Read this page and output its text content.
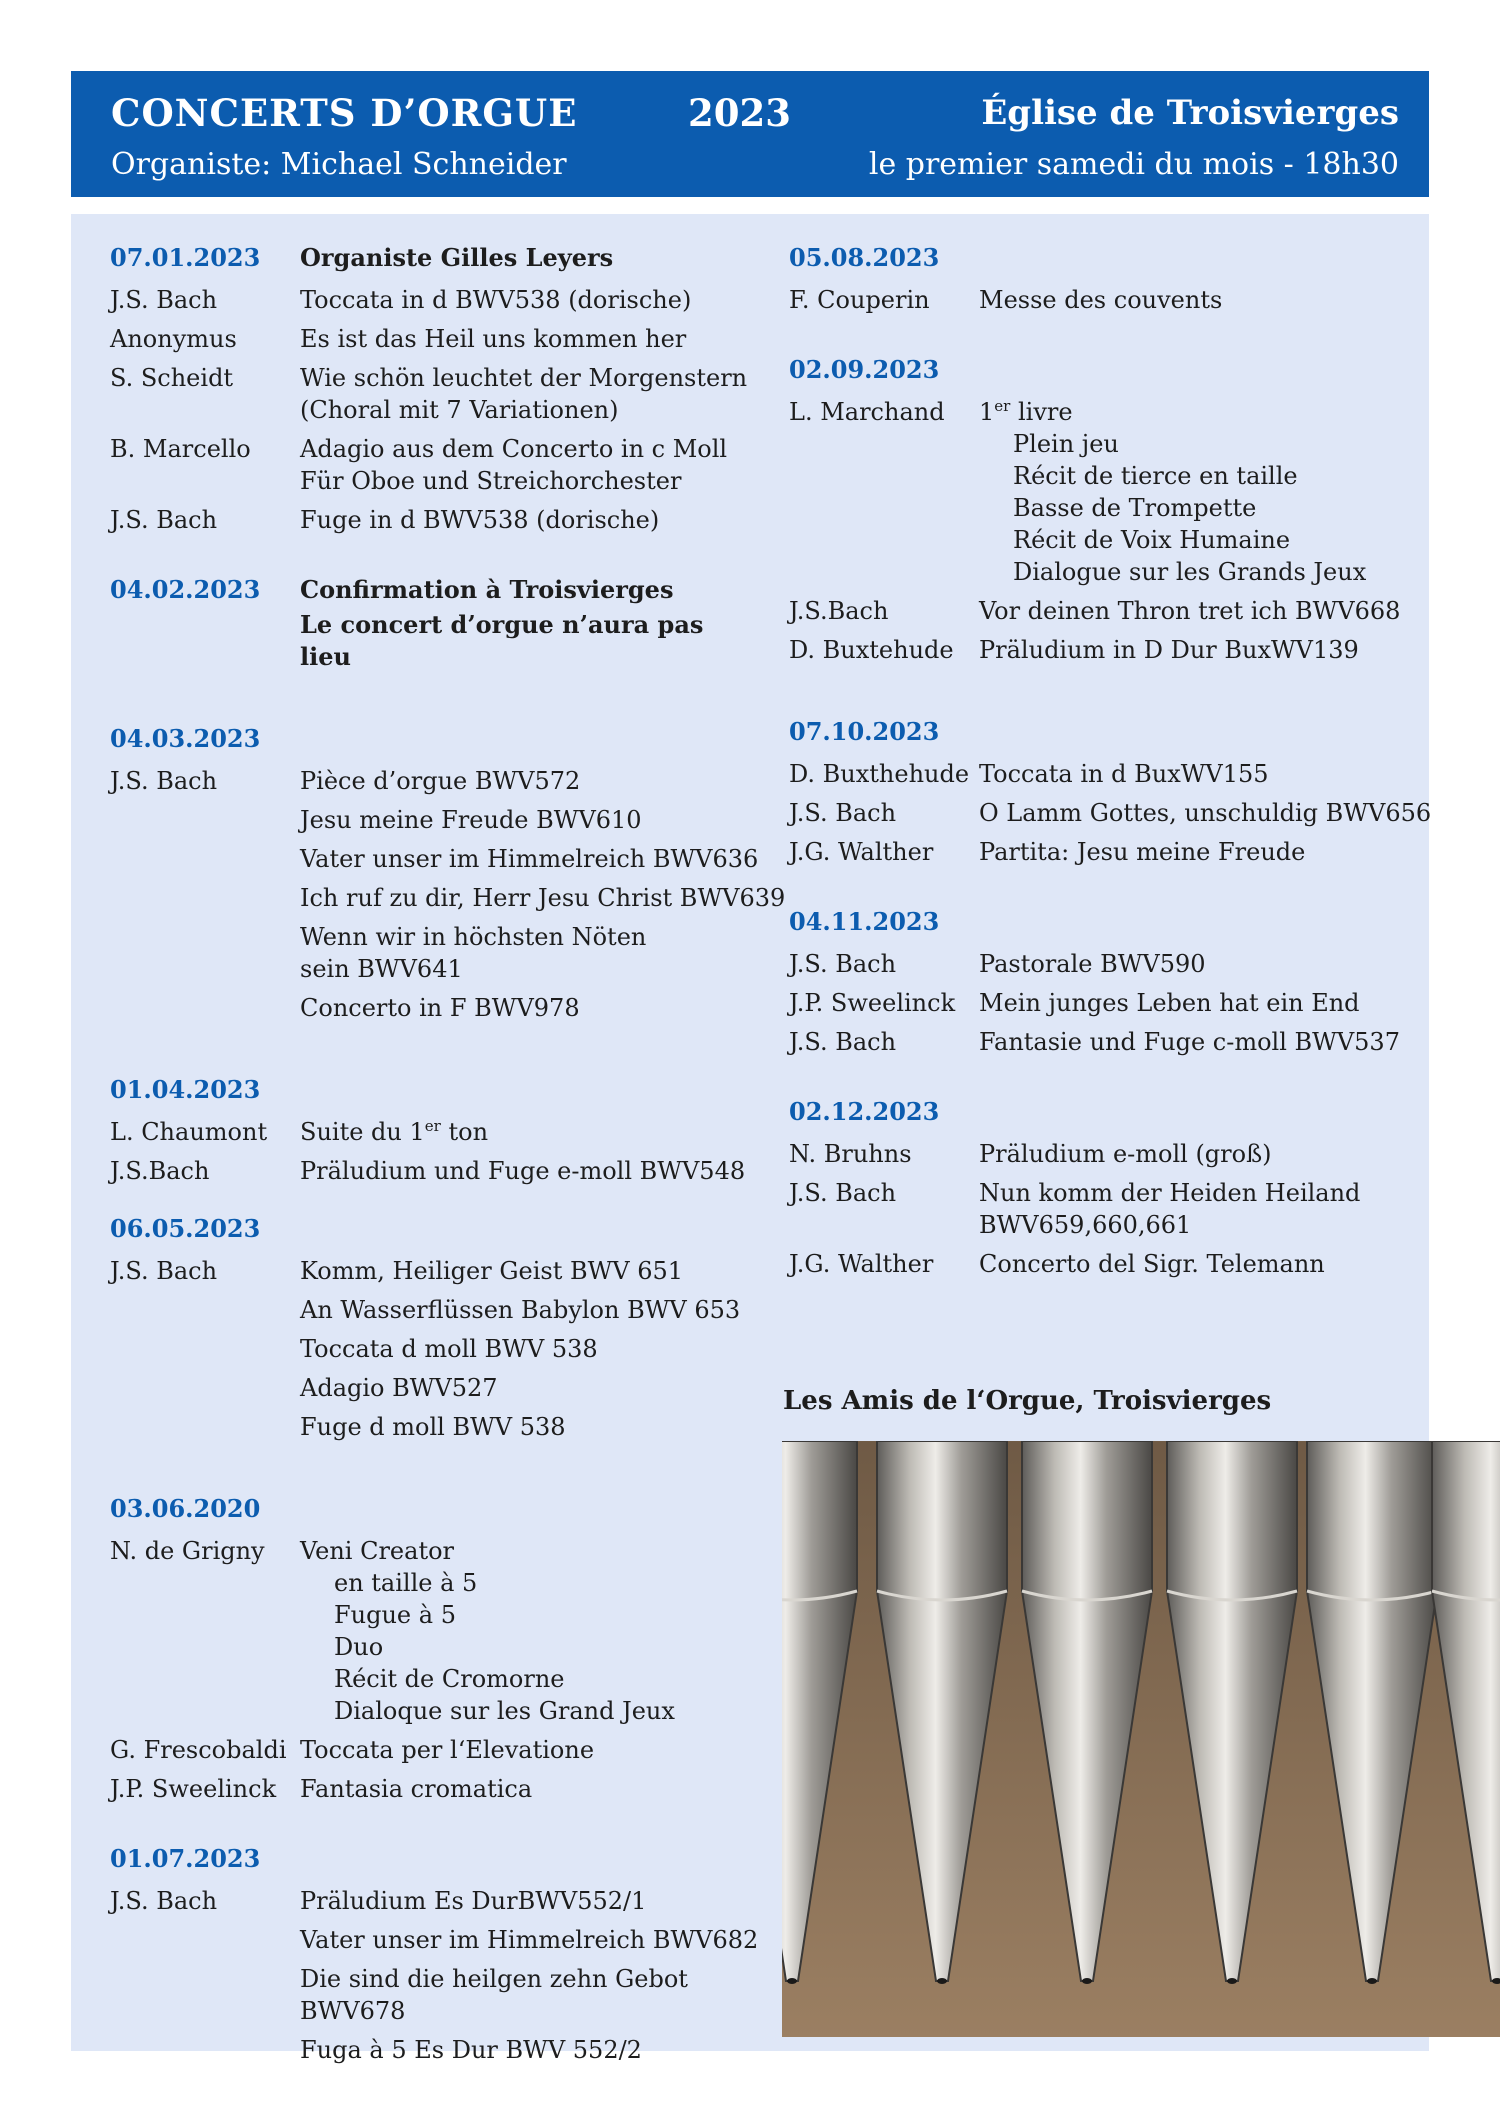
CONCERTS D’ORGUE	2023	Église de Troisvierges
Organiste: Michael Schneider	le premier samedi du mois - 18h30
07.01.2023	Organiste Gilles Leyers
J.S. Bach	Toccata in d BWV538 (dorische)
Anonymus	Es ist das Heil uns kommen her
S. Scheidt	Wie schön leuchtet der Morgenstern
(Choral mit 7 Variationen)
B. Marcello	Adagio aus dem Concerto in c Moll
Für Oboe und Streichorchester
J.S. Bach	Fuge in d BWV538 (dorische)
04.02.2023	Confirmation à Troisvierges
Le concert d’orgue n’aura pas lieu
04.03.2023
J.S. Bach	Pièce d’orgue BWV572
Jesu meine Freude BWV610
Vater unser im Himmelreich BWV636
Ich ruf zu dir, Herr Jesu Christ BWV639
Wenn wir in höchsten Nöten
sein BWV641
Concerto in F BWV978
01.04.2023
L. Chaumont	Suite du 1er ton
J.S.Bach	Präludium und Fuge e-moll BWV548
06.05.2023
J.S. Bach	Komm, Heiliger Geist BWV 651
An Wasserflüssen Babylon BWV 653
Toccata d moll BWV 538
Adagio BWV527
Fuge d moll BWV 538
03.06.2020
N. de Grigny	Veni Creator
en taille à 5
Fugue à 5
Duo
Récit de Cromorne
Dialoque sur les Grand Jeux
G. Frescobaldi Toccata per l‘Elevatione
J.P. Sweelinck Fantasia cromatica
01.07.2023
J.S. Bach	Präludium Es DurBWV552/1
Vater unser im Himmelreich BWV682
Die sind die heilgen zehn Gebot
BWV678
Fuga à 5 Es Dur BWV 552/2
05.08.2023
F. Couperin	Messe des couvents
02.09.2023
L. Marchand	1er livre
Plein jeu
Récit de tierce en taille
Basse de Trompette
Récit de Voix Humaine
Dialogue sur les Grands Jeux
J.S.Bach	Vor deinen Thron tret ich BWV668
D. Buxtehude	Präludium in D Dur BuxWV139
07.10.2023
D. Buxthehude Toccata in d BuxWV155
J.S. Bach	O Lamm Gottes, unschuldig BWV656
J.G. Walther	Partita: Jesu meine Freude
04.11.2023
J.S. Bach	Pastorale BWV590
J.P. Sweelinck Mein junges Leben hat ein End
J.S. Bach	Fantasie und Fuge c-moll BWV537
02.12.2023
N. Bruhns	Präludium e-moll (groß)
J.S. Bach	Nun komm der Heiden Heiland
BWV659,660,661
J.G. Walther	Concerto del Sigr. Telemann
Les Amis de l‘Orgue, Troisvierges
